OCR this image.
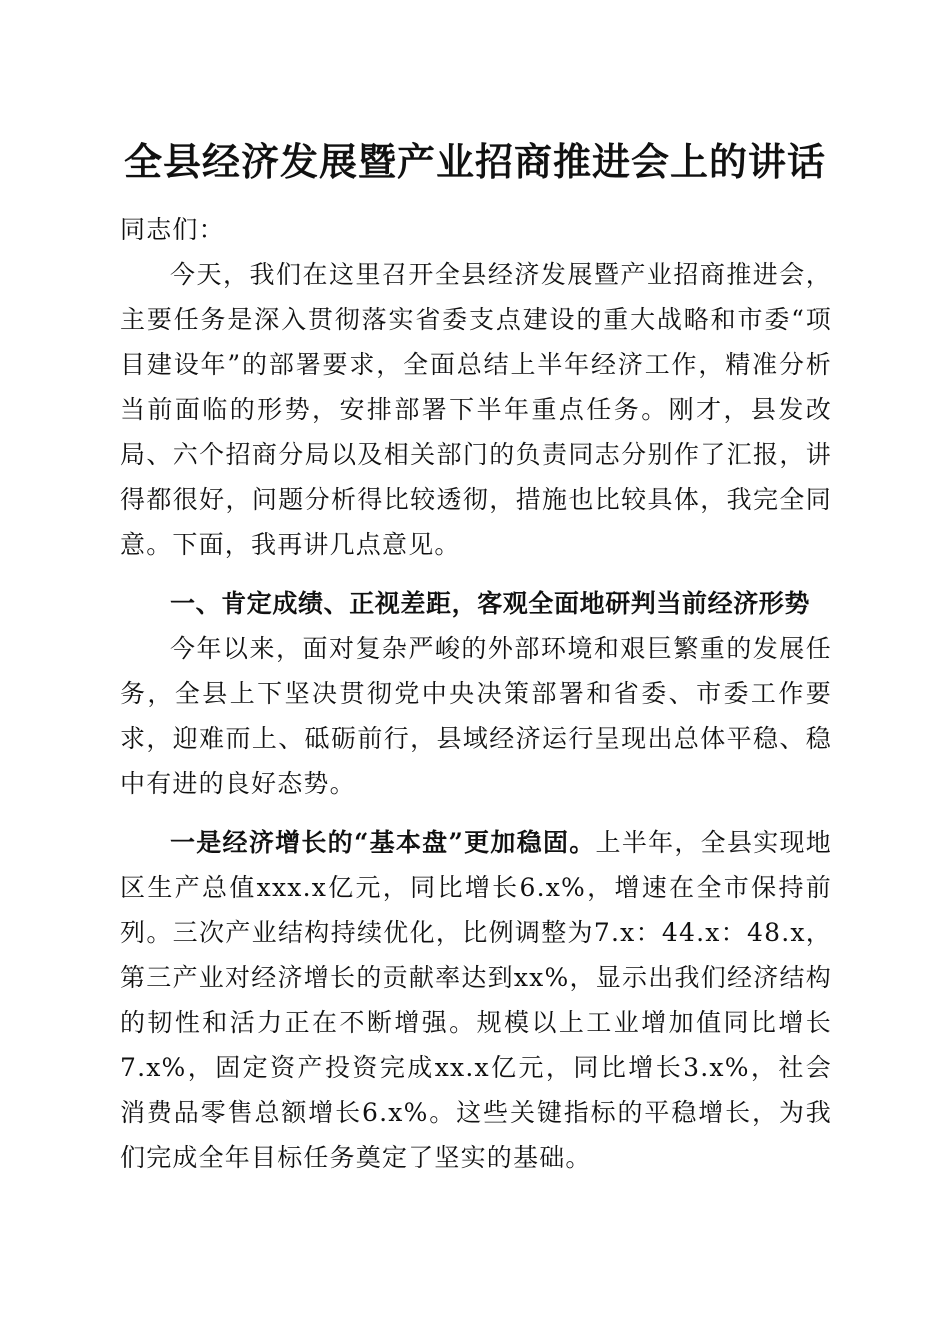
全县经济发展暨产业招商推进会上的讲话

同志们：

今天，我们在这里召开全县经济发展暨产业招商推进会，主要任务是深入贯彻落实省委支点建设的重大战略和市委“项目建设年”的部署要求，全面总结上半年经济工作，精准分析当前面临的形势，安排部署下半年重点任务。刚才，县发改局、六个招商分局以及相关部门的负责同志分别作了汇报，讲得都很好，问题分析得比较透彻，措施也比较具体，我完全同意。下面，我再讲几点意见。

一、肯定成绩、正视差距，客观全面地研判当前经济形势

今年以来，面对复杂严峻的外部环境和艰巨繁重的发展任务，全县上下坚决贯彻党中央决策部署和省委、市委工作要求，迎难而上、砥砺前行，县域经济运行呈现出总体平稳、稳中有进的良好态势。

一是经济增长的“基本盘”更加稳固。上半年，全县实现地区生产总值xxx.x亿元，同比增长6.x%，增速在全市保持前列。三次产业结构持续优化，比例调整为7.x：44.x：48.x，第三产业对经济增长的贡献率达到xx%，显示出我们经济结构的韧性和活力正在不断增强。规模以上工业增加值同比增长7.x%，固定资产投资完成xx.x亿元，同比增长3.x%，社会消费品零售总额增长6.x%。这些关键指标的平稳增长，为我们完成全年目标任务奠定了坚实的基础。
